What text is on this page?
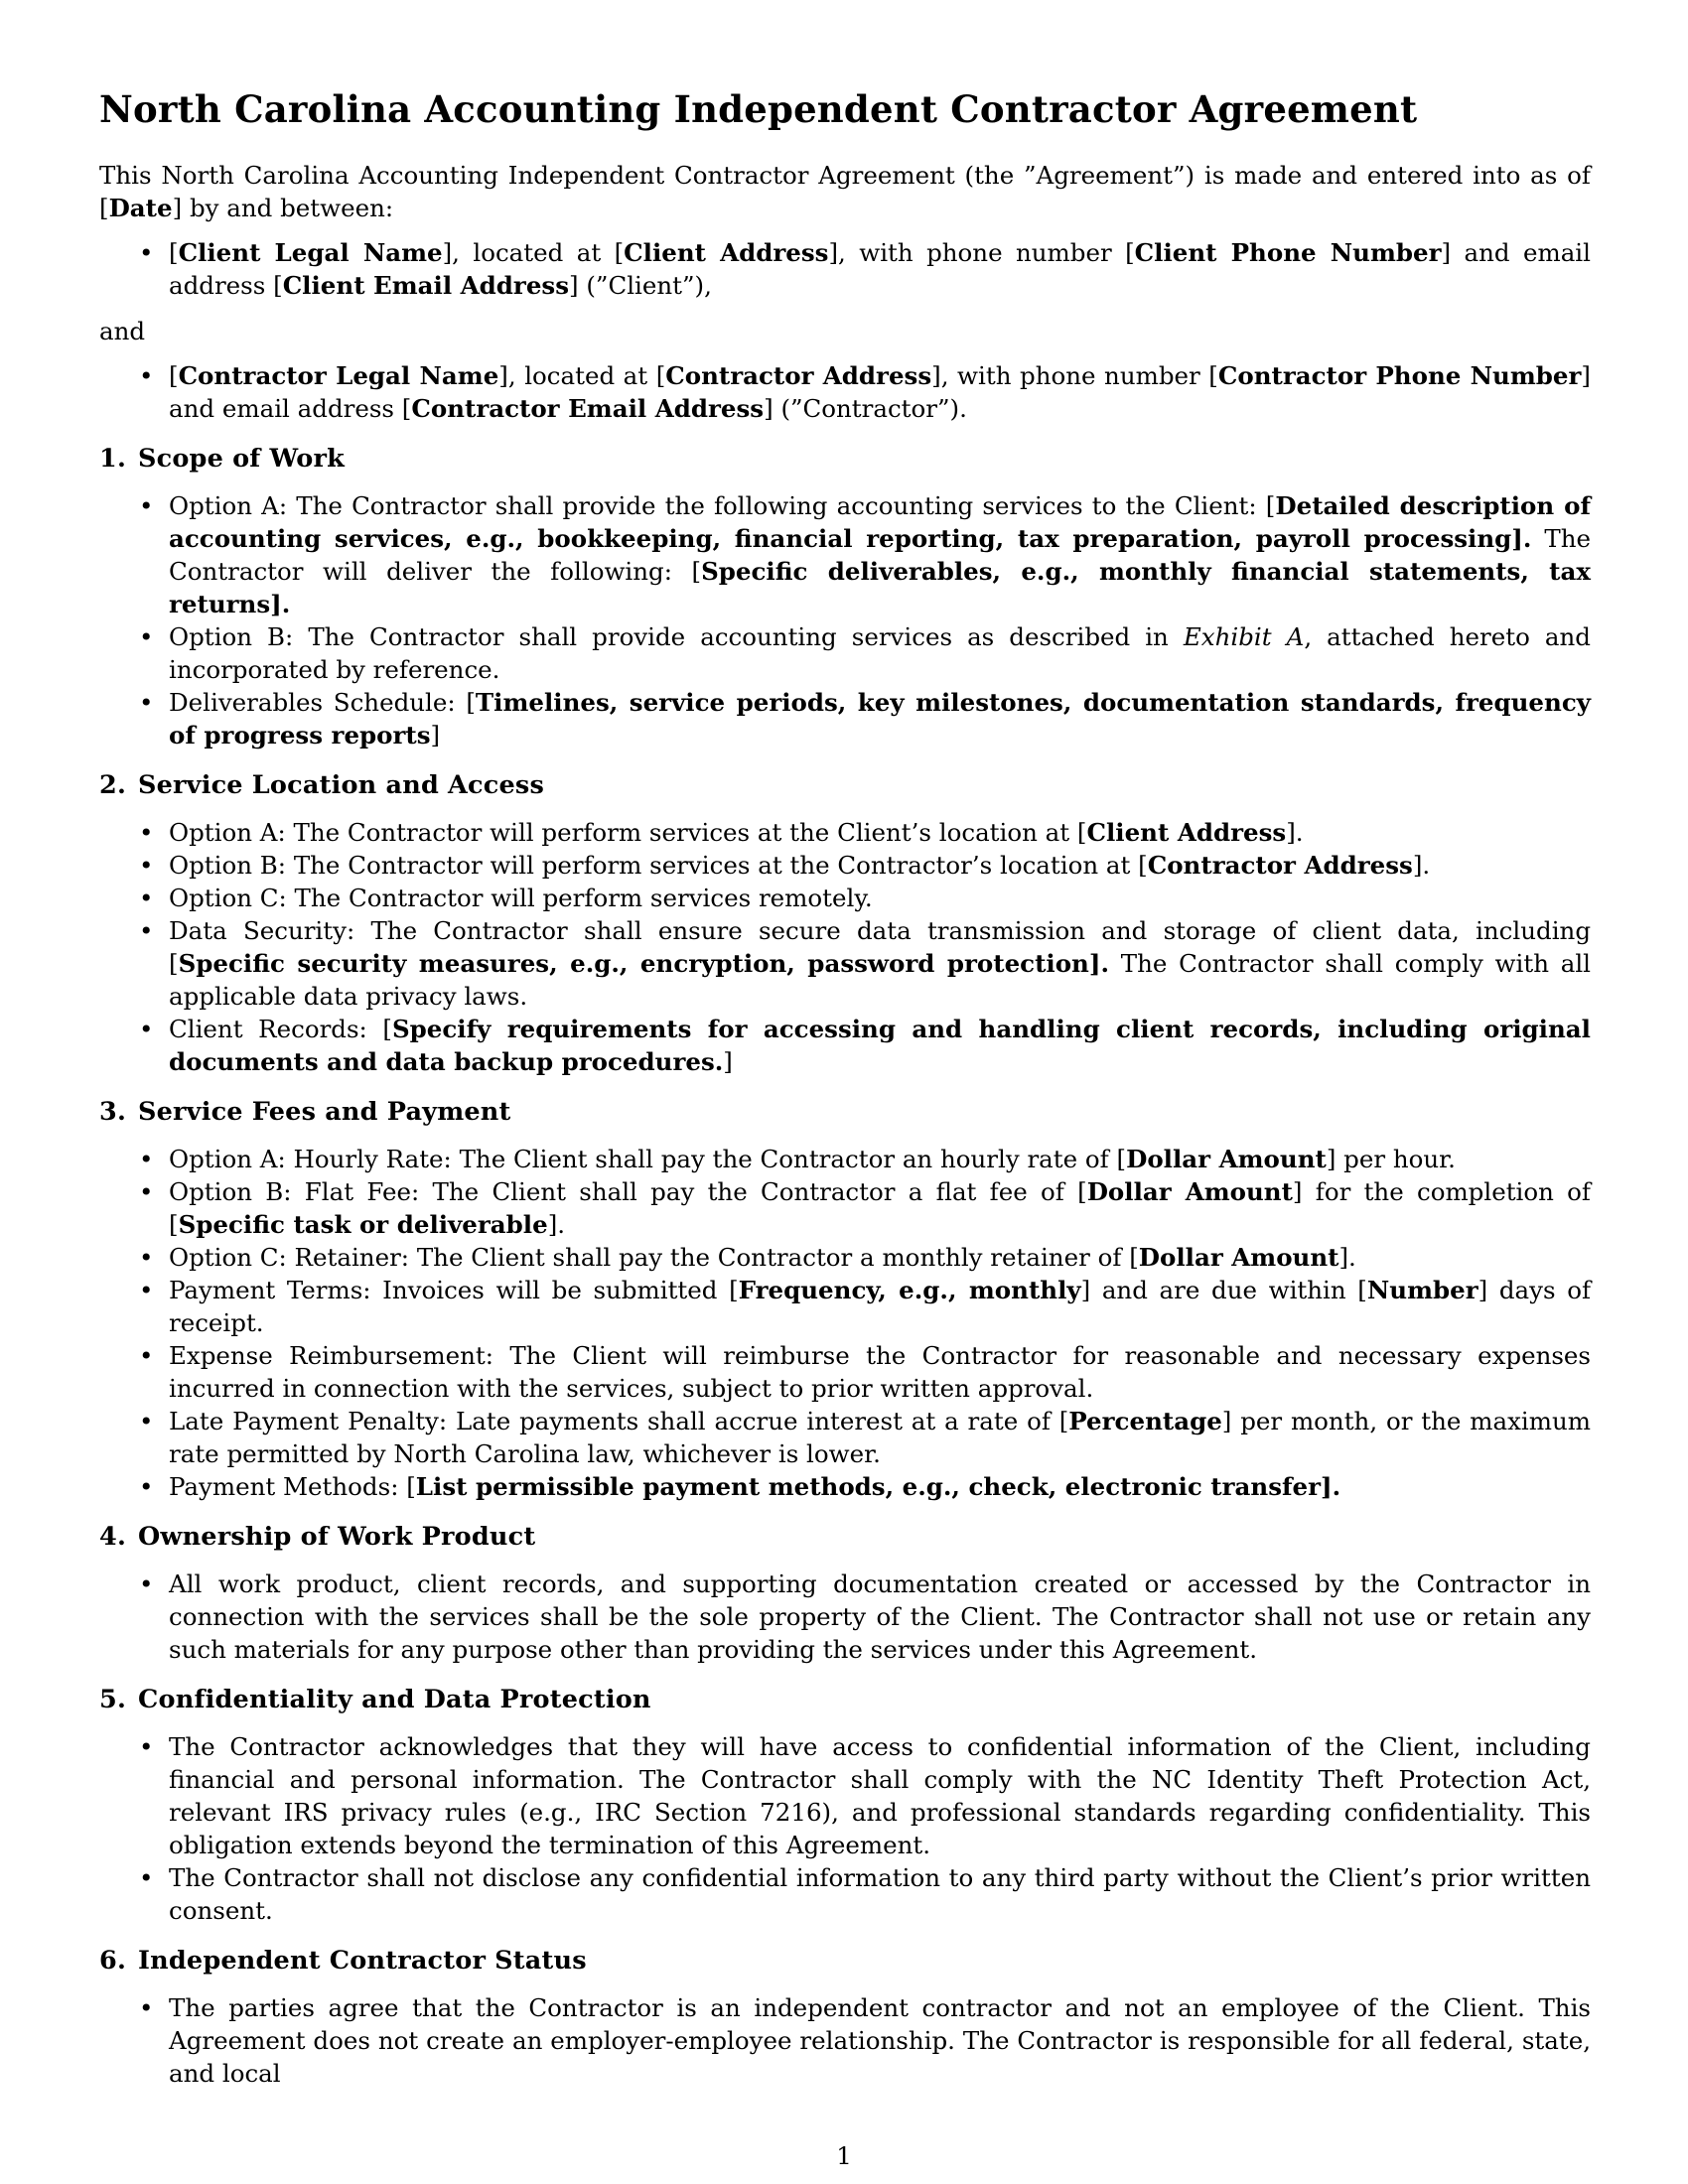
North Carolina Accounting Independent Contractor Agreement

This North Carolina Accounting Independent Contractor Agreement (the ”Agreement”) is made and entered into as of [Date] by and between:

• [Client Legal Name], located at [Client Address], with phone number [Client Phone Number] and email address [Client Email Address] (”Client”),

and

• [Contractor Legal Name], located at [Contractor Address], with phone number [Contractor Phone Number] and email address [Contractor Email Address] (”Contractor”).
1. Scope of Work
• Option A: The Contractor shall provide the following accounting services to the Client: [Detailed description of accounting services, e.g., bookkeeping, financial reporting, tax preparation, payroll processing]. The Contractor will deliver the following: [Specific deliverables, e.g., monthly financial statements, tax returns].
• Option B: The Contractor shall provide accounting services as described in Exhibit A, attached hereto and incorporated by reference.
• Deliverables Schedule: [Timelines, service periods, key milestones, documentation standards, frequency of progress reports]
2. Service Location and Access
• Option A: The Contractor will perform services at the Client’s location at [Client Address].
• Option B: The Contractor will perform services at the Contractor’s location at [Contractor Address].
• Option C: The Contractor will perform services remotely.
• Data Security: The Contractor shall ensure secure data transmission and storage of client data, including [Specific security measures, e.g., encryption, password protection]. The Contractor shall comply with all applicable data privacy laws.
• Client Records: [Specify requirements for accessing and handling client records, including original documents and data backup procedures.]
3. Service Fees and Payment
• Option A: Hourly Rate: The Client shall pay the Contractor an hourly rate of [Dollar Amount] per hour.
• Option B: Flat Fee: The Client shall pay the Contractor a flat fee of [Dollar Amount] for the completion of [Specific task or deliverable].
• Option C: Retainer: The Client shall pay the Contractor a monthly retainer of [Dollar Amount].
• Payment Terms: Invoices will be submitted [Frequency, e.g., monthly] and are due within [Number] days of receipt.
• Expense Reimbursement: The Client will reimburse the Contractor for reasonable and necessary expenses incurred in connection with the services, subject to prior written approval.
• Late Payment Penalty: Late payments shall accrue interest at a rate of [Percentage] per month, or the maximum rate permitted by North Carolina law, whichever is lower.
• Payment Methods: [List permissible payment methods, e.g., check, electronic transfer].
4. Ownership of Work Product
• All work product, client records, and supporting documentation created or accessed by the Contractor in connection with the services shall be the sole property of the Client. The Contractor shall not use or retain any such materials for any purpose other than providing the services under this Agreement.
5. Confidentiality and Data Protection
• The Contractor acknowledges that they will have access to confidential information of the Client, including financial and personal information. The Contractor shall comply with the NC Identity Theft Protection Act, relevant IRS privacy rules (e.g., IRC Section 7216), and professional standards regarding confidentiality. This obligation extends beyond the termination of this Agreement.
• The Contractor shall not disclose any confidential information to any third party without the Client’s prior written consent.
6. Independent Contractor Status
• The parties agree that the Contractor is an independent contractor and not an employee of the Client. This Agreement does not create an employer-employee relationship. The Contractor is responsible for all federal, state, and local
1
